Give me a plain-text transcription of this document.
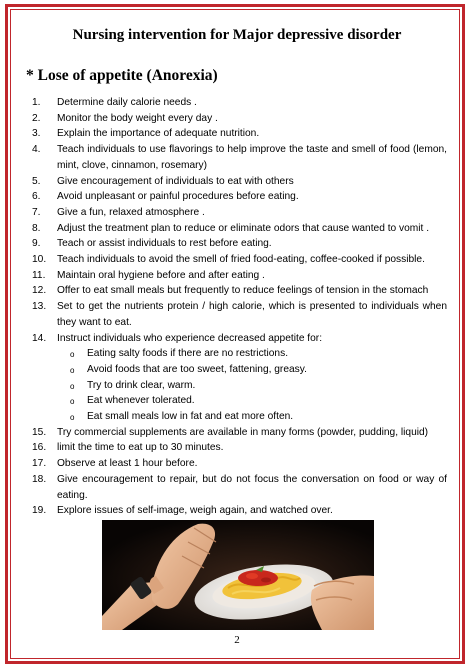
Nursing intervention for Major depressive disorder
* Lose of appetite (Anorexia)
1.	Determine daily calorie needs .
2.	Monitor the body weight every day .
3.	Explain the importance of adequate nutrition.
4.	Teach individuals to use flavorings to help improve the taste and smell of food (lemon, mint, clove, cinnamon, rosemary)
5.	Give encouragement of individuals to eat with others
6.	Avoid unpleasant or painful procedures before eating.
7.	Give a fun, relaxed atmosphere .
8.	Adjust the treatment plan to reduce or eliminate odors that cause wanted to vomit .
9.	Teach or assist individuals to rest before eating.
10.	Teach individuals to avoid the smell of fried food-eating, coffee-cooked if possible.
11.	Maintain oral hygiene before and after eating .
12.	Offer to eat small meals but frequently to reduce feelings of tension in the stomach
13.	Set to get the nutrients protein / high calorie, which is presented to individuals when they want to eat.
14.	Instruct individuals who experience decreased appetite for:
o Eating salty foods if there are no restrictions.
o Avoid foods that are too sweet, fattening, greasy.
o Try to drink clear, warm.
o Eat whenever tolerated.
o Eat small meals low in fat and eat more often.
15.	Try commercial supplements are available in many forms (powder, pudding, liquid)
16.	limit the time to eat up to 30 minutes.
17.	Observe at least 1 hour before.
18.	Give encouragement to repair, but do not focus the conversation on food or way of eating.
19.	Explore issues of self-image, weigh again, and watched over.
2
